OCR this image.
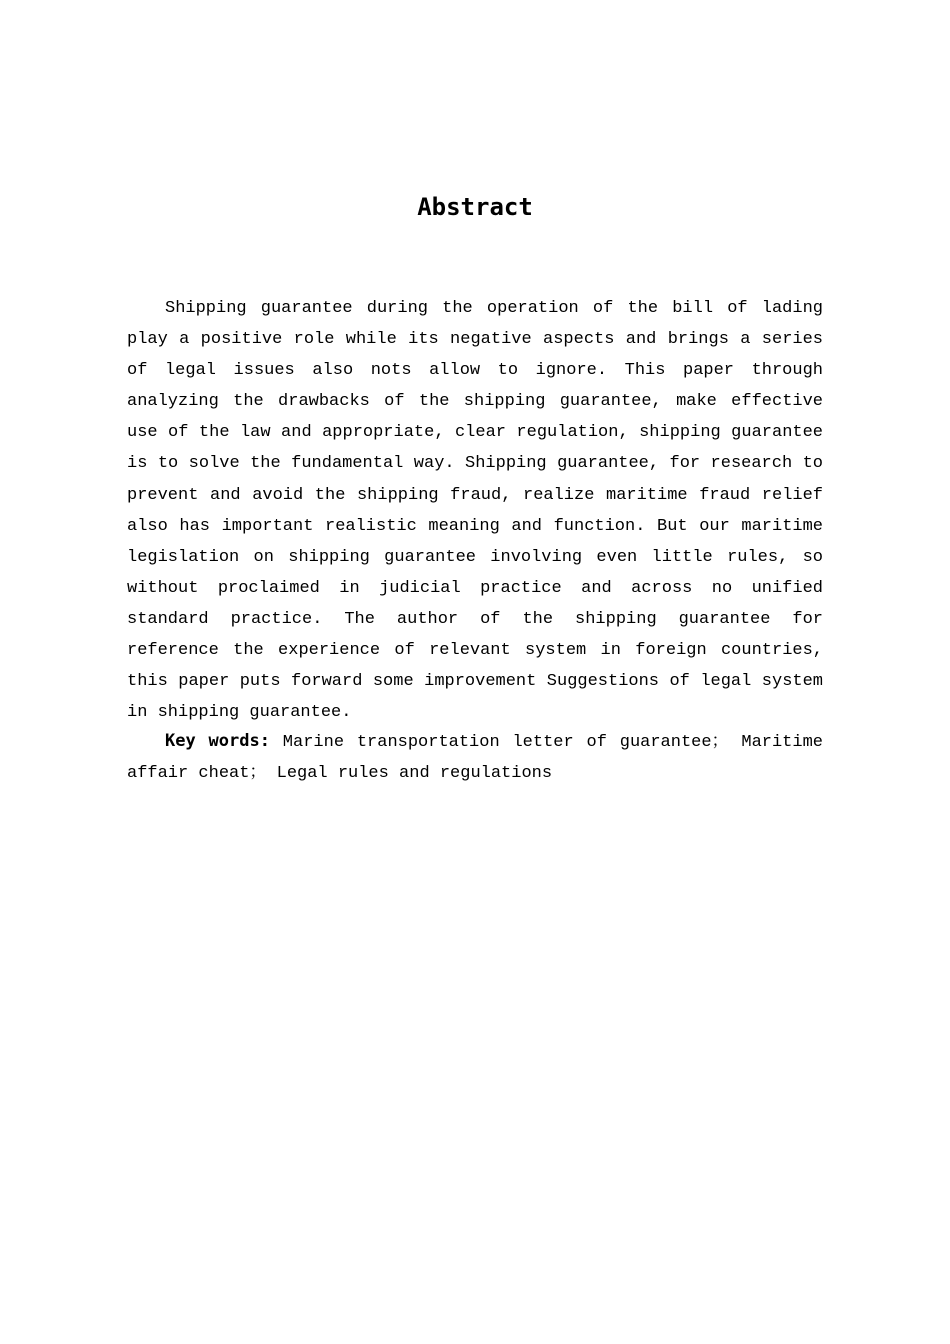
Abstract

Shipping guarantee during the operation of the bill of lading play a positive role while its negative aspects and brings a series of legal issues also nots allow to ignore. This paper through analyzing the drawbacks of the shipping guarantee, make effective use of the law and appropriate, clear regulation, shipping guarantee is to solve the fundamental way. Shipping guarantee, for research to prevent and avoid the shipping fraud, realize maritime fraud relief also has important realistic meaning and function. But our maritime legislation on shipping guarantee involving even little rules, so without proclaimed in judicial practice and across no unified standard practice. The author of the shipping guarantee for reference the experience of relevant system in foreign countries, this paper puts forward some improvement Suggestions of legal system in shipping guarantee.

Key words: Marine transportation letter of guarantee； Maritime affair cheat； Legal rules and regulations
